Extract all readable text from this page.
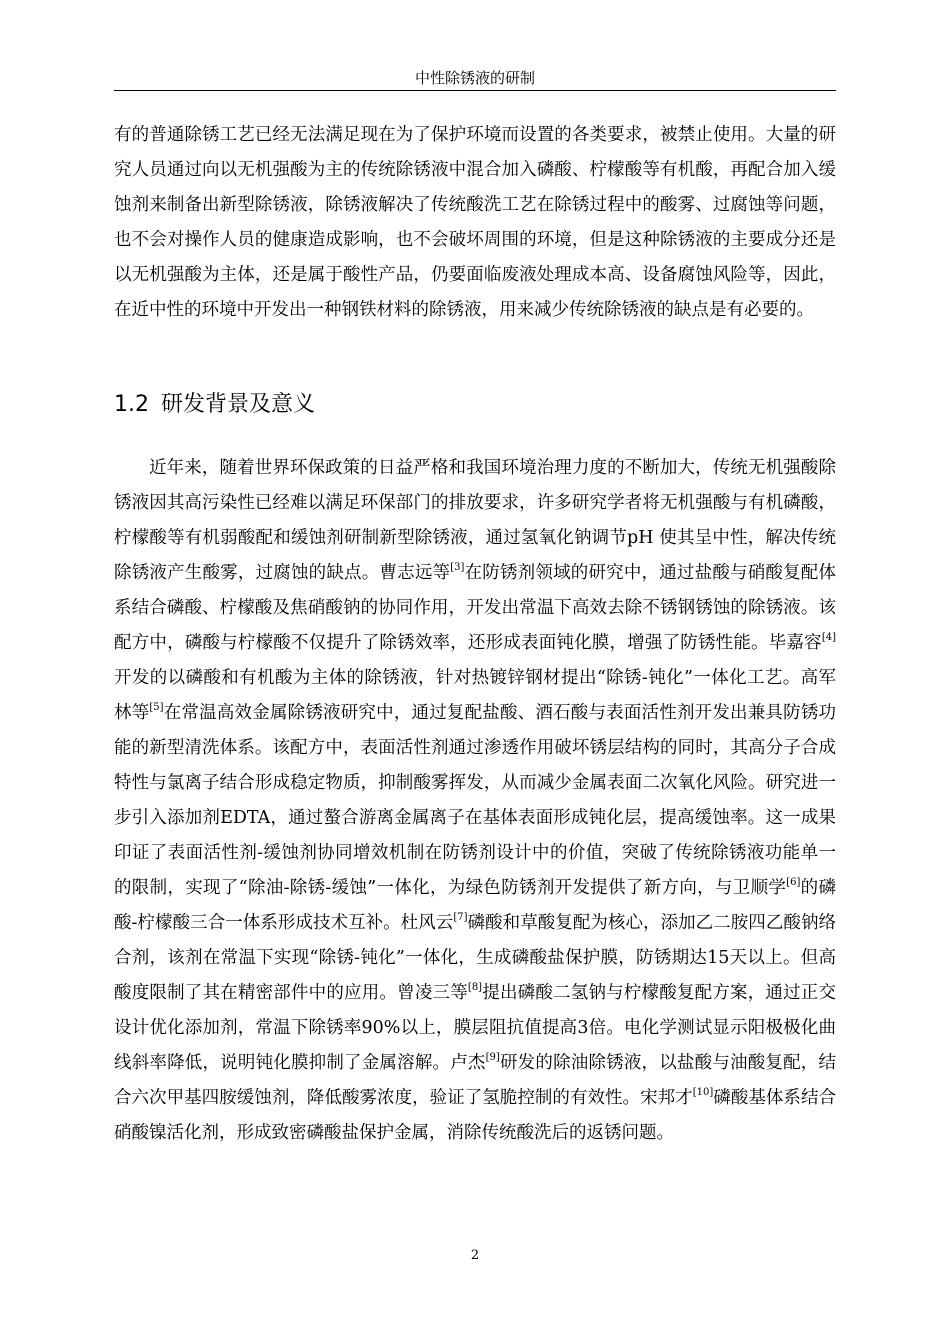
中性除锈液的研制

有的普通除锈工艺已经无法满足现在为了保护环境而设置的各类要求，被禁止使用。大量的研究人员通过向以无机强酸为主的传统除锈液中混合加入磷酸、柠檬酸等有机酸，再配合加入缓蚀剂来制备出新型除锈液，除锈液解决了传统酸洗工艺在除锈过程中的酸雾、过腐蚀等问题，也不会对操作人员的健康造成影响，也不会破坏周围的环境，但是这种除锈液的主要成分还是以无机强酸为主体，还是属于酸性产品，仍要面临废液处理成本高、设备腐蚀风险等，因此，在近中性的环境中开发出一种钢铁材料的除锈液，用来减少传统除锈液的缺点是有必要的。

1.2 研发背景及意义

近年来，随着世界环保政策的日益严格和我国环境治理力度的不断加大，传统无机强酸除锈液因其高污染性已经难以满足环保部门的排放要求，许多研究学者将无机强酸与有机磷酸，柠檬酸等有机弱酸配和缓蚀剂研制新型除锈液，通过氢氧化钠调节pH 使其呈中性，解决传统除锈液产生酸雾，过腐蚀的缺点。曹志远等[3]在防锈剂领域的研究中，通过盐酸与硝酸复配体系结合磷酸、柠檬酸及焦硝酸钠的协同作用，开发出常温下高效去除不锈钢锈蚀的除锈液。该配方中，磷酸与柠檬酸不仅提升了除锈效率，还形成表面钝化膜，增强了防锈性能。毕嘉容[4]开发的以磷酸和有机酸为主体的除锈液，针对热镀锌钢材提出“除锈-钝化”一体化工艺。高军林等[5]在常温高效金属除锈液研究中，通过复配盐酸、酒石酸与表面活性剂开发出兼具防锈功能的新型清洗体系。该配方中，表面活性剂通过渗透作用破坏锈层结构的同时，其高分子合成特性与氯离子结合形成稳定物质，抑制酸雾挥发，从而减少金属表面二次氧化风险。研究进一步引入添加剂EDTA，通过螯合游离金属离子在基体表面形成钝化层，提高缓蚀率。这一成果印证了表面活性剂-缓蚀剂协同增效机制在防锈剂设计中的价值，突破了传统除锈液功能单一的限制，实现了“除油-除锈-缓蚀”一体化，为绿色防锈剂开发提供了新方向，与卫顺学[6]的磷酸-柠檬酸三合一体系形成技术互补。杜风云[7]磷酸和草酸复配为核心，添加乙二胺四乙酸钠络合剂，该剂在常温下实现“除锈-钝化”一体化，生成磷酸盐保护膜，防锈期达15天以上。但高酸度限制了其在精密部件中的应用。曾凌三等[8]提出磷酸二氢钠与柠檬酸复配方案，通过正交设计优化添加剂，常温下除锈率90%以上，膜层阻抗值提高3倍。电化学测试显示阳极极化曲线斜率降低，说明钝化膜抑制了金属溶解。卢杰[9]研发的除油除锈液，以盐酸与油酸复配，结合六次甲基四胺缓蚀剂，降低酸雾浓度，验证了氢脆控制的有效性。宋邦才[10]磷酸基体系结合硝酸镍活化剂，形成致密磷酸盐保护金属，消除传统酸洗后的返锈问题。

2
